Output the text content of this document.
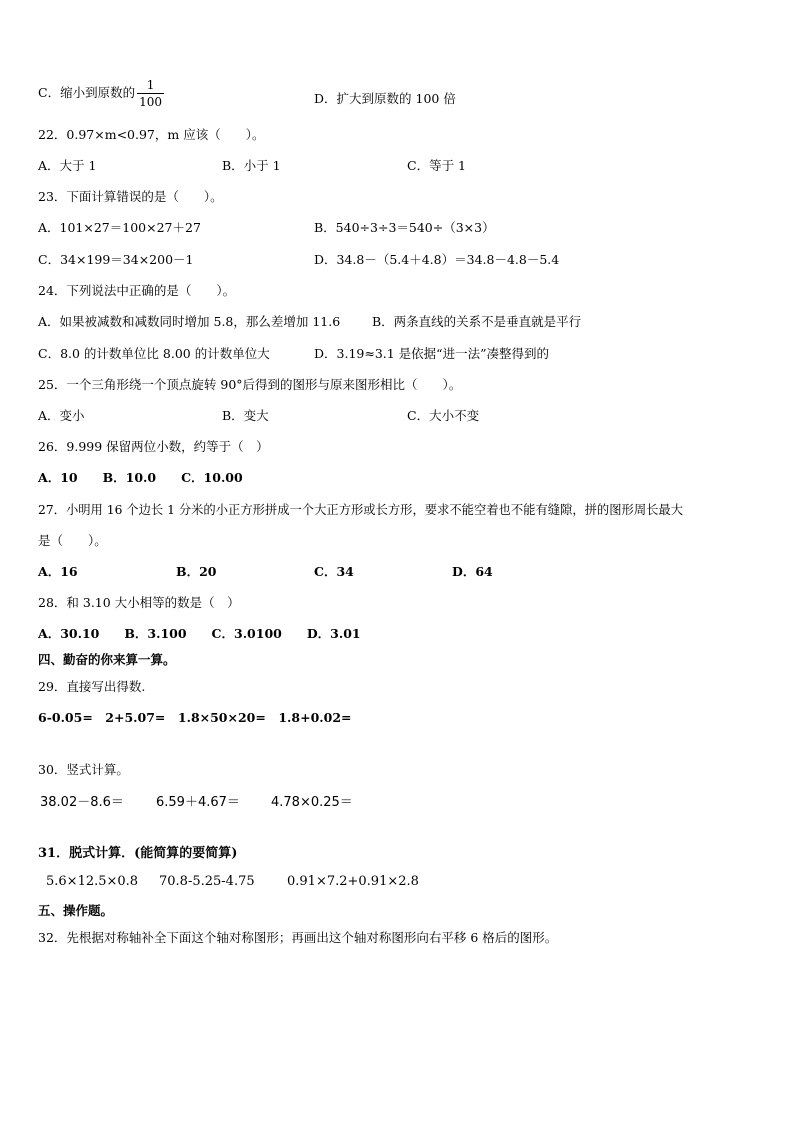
C．缩小到原数的 $\frac{1}{100}$	D．扩大到原数的 100 倍
22．0.97×m<0.97，m 应该（　　）。
A．大于 1	B．小于 1	C．等于 1
23．下面计算错误的是（　　）。
A．101×27＝100×27＋27	B．540÷3÷3＝540÷（3×3）
C．34×199＝34×200－1	D．34.8－（5.4＋4.8）＝34.8－4.8－5.4
24．下列说法中正确的是（　　）。
A．如果被减数和减数同时增加 5.8，那么差增加 11.6	B．两条直线的关系不是垂直就是平行
C．8.0 的计数单位比 8.00 的计数单位大	D．3.19≈3.1 是依据“进一法”凑整得到的
25．一个三角形绕一个顶点旋转 90°后得到的图形与原来图形相比（　　）。
A．变小	B．变大	C．大小不变
26．9.999 保留两位小数，约等于（　）
A．10　　B．10.0　　C．10.00
27．小明用 16 个边长 1 分米的小正方形拼成一个大正方形或长方形，要求不能空着也不能有缝隙，拼的图形周长最大
是（　　）。
A．16	B．20	C．34	D．64
28．和 3.10 大小相等的数是（　）
A．30.10　　B．3.100　　C．3.0100　　D．3.01
四、勤奋的你来算一算。
29．直接写出得数.
6-0.05=　2+5.07=　1.8×50×20=　1.8+0.02=
30．竖式计算。
38.02－8.6＝ 6.59＋4.67＝ 4.78×0.25＝
31．脱式计算．(能简算的要简算)
5.6×12.5×0.8 70.8-5.25-4.75 0.91×7.2+0.91×2.8
五、操作题。
32．先根据对称轴补全下面这个轴对称图形；再画出这个轴对称图形向右平移 6 格后的图形。
